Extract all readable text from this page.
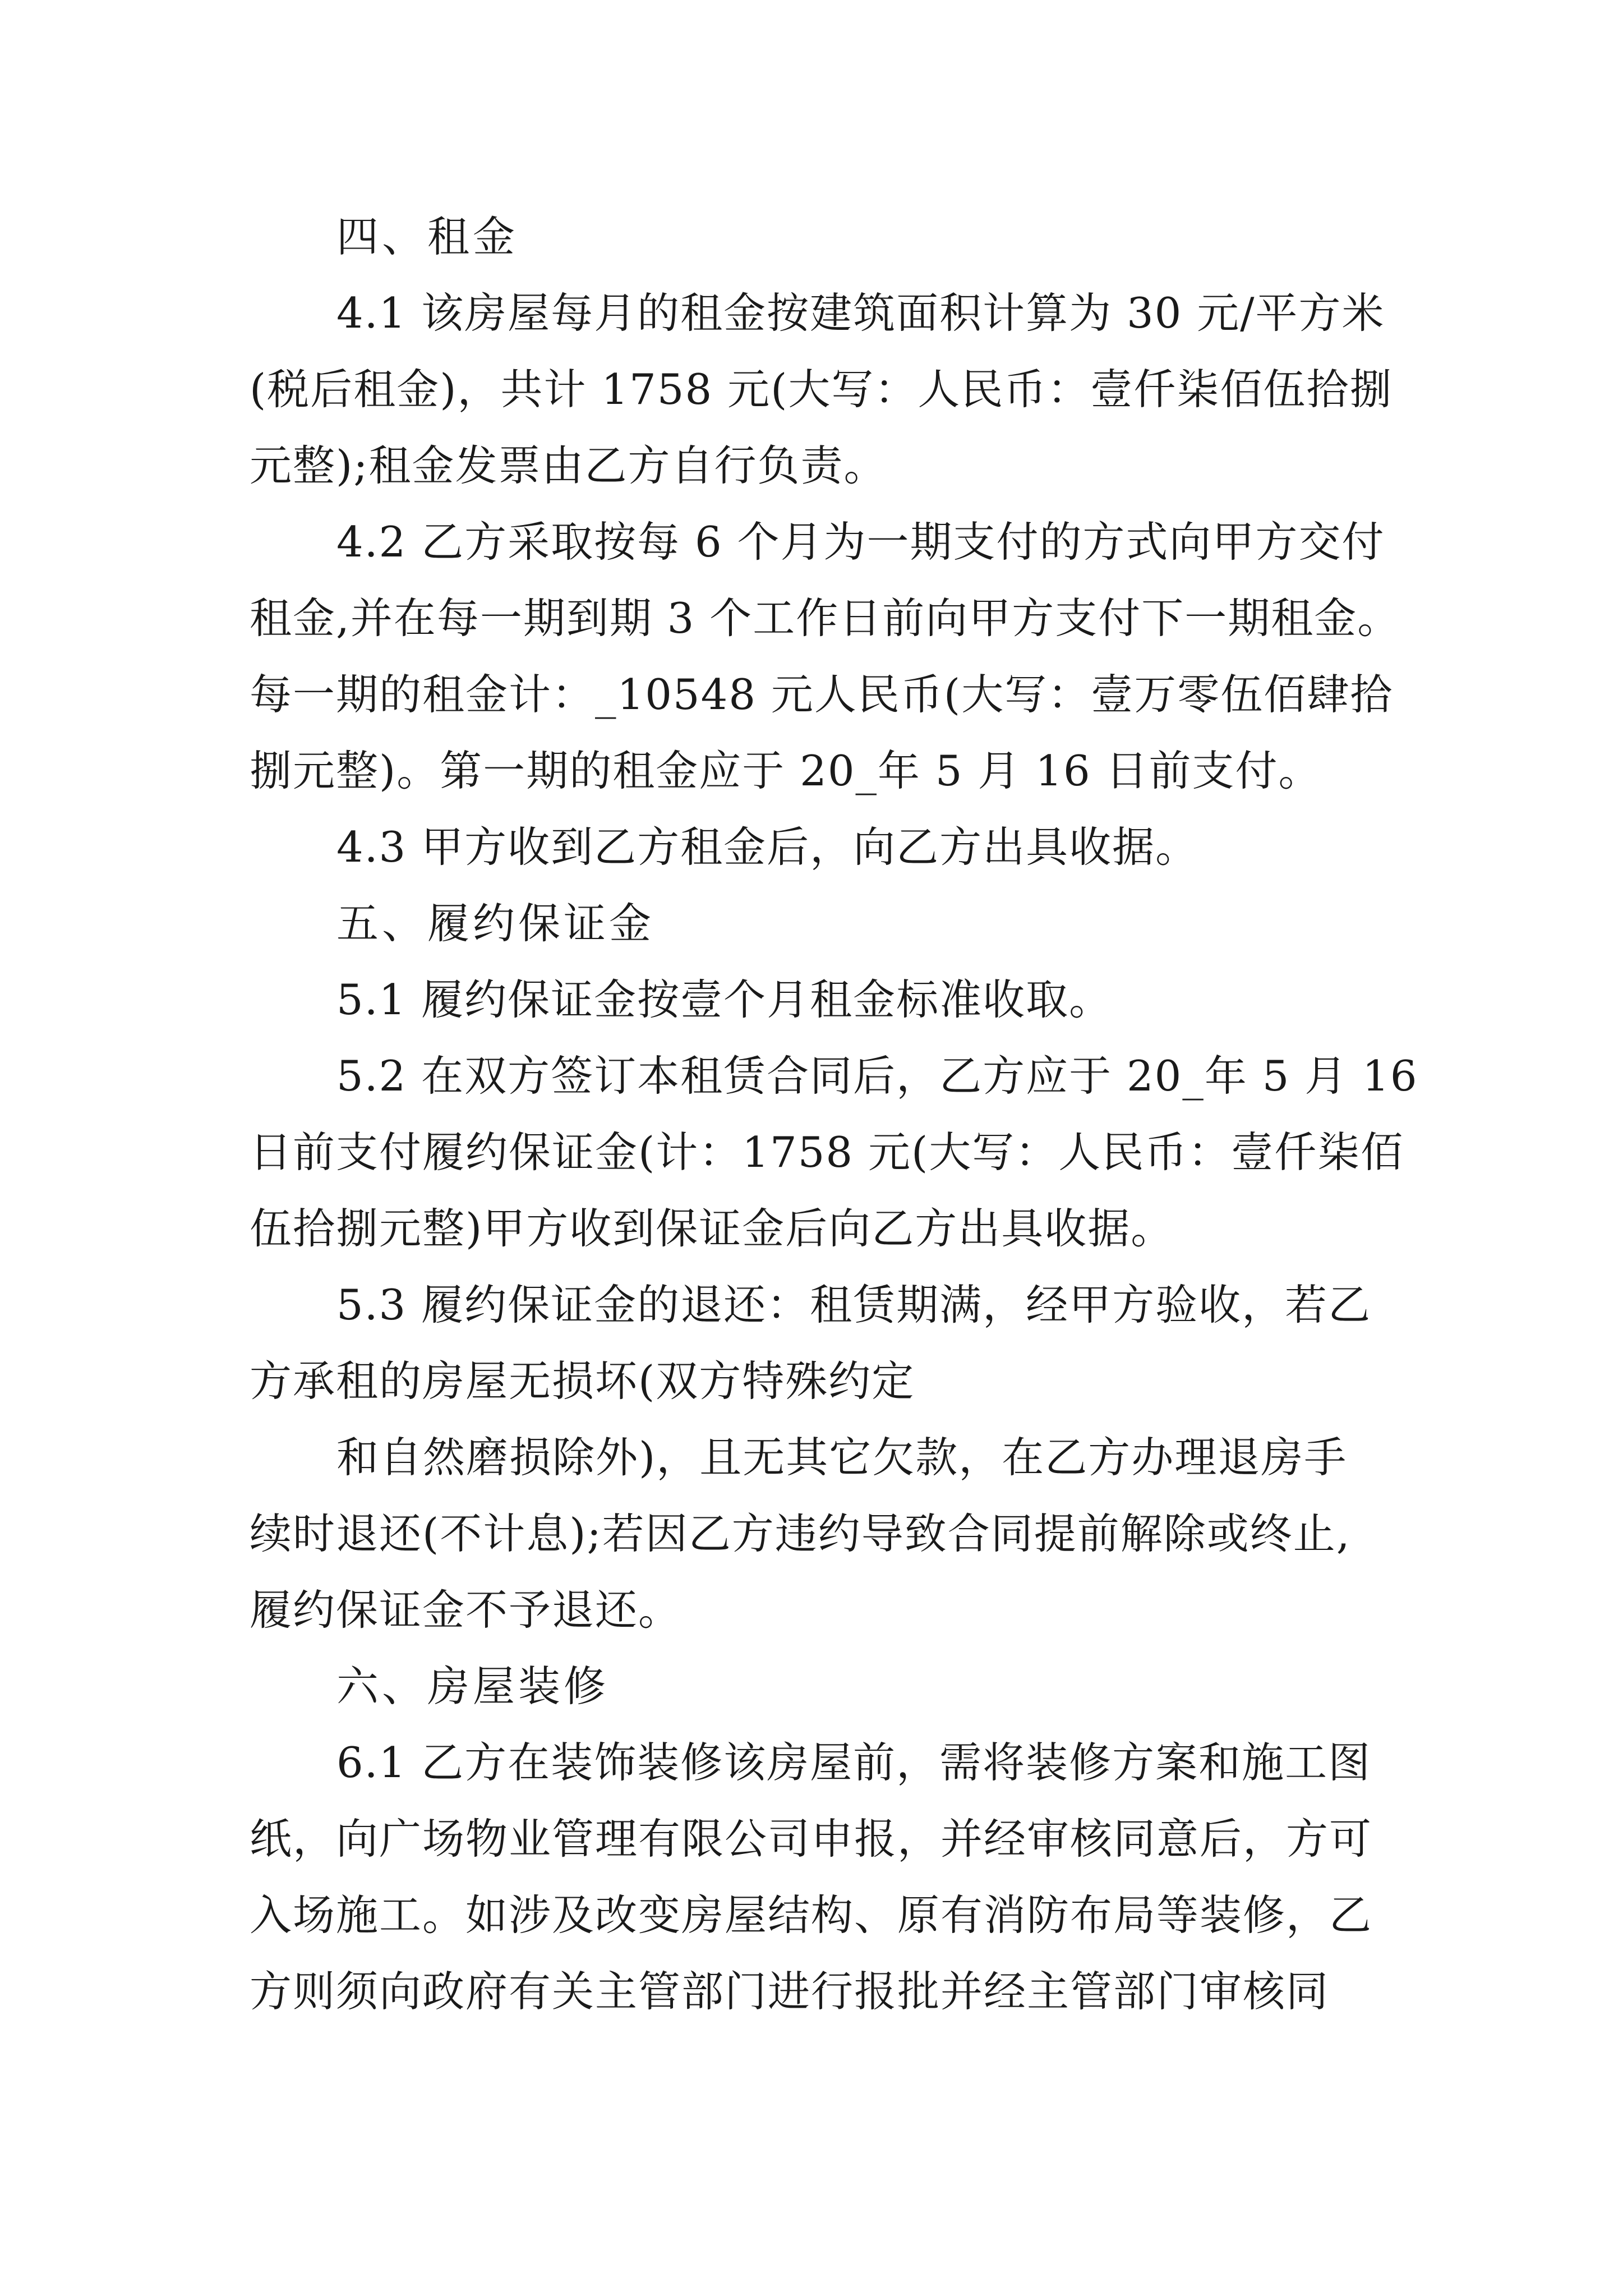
四、租金
4.1 该房屋每月的租金按建筑面积计算为 30 元/平方米
(税后租金)，共计 1758 元(大写：人民币：壹仟柒佰伍拾捌
元整);租金发票由乙方自行负责。
4.2 乙方采取按每 6 个月为一期支付的方式向甲方交付
租金,并在每一期到期 3 个工作日前向甲方支付下一期租金。
每一期的租金计：_10548 元人民币(大写：壹万零伍佰肆拾
捌元整)。第一期的租金应于 20_年 5 月 16 日前支付。
4.3 甲方收到乙方租金后，向乙方出具收据。
五、履约保证金
5.1 履约保证金按壹个月租金标准收取。
5.2 在双方签订本租赁合同后，乙方应于 20_年 5 月 16
日前支付履约保证金(计：1758 元(大写：人民币：壹仟柒佰
伍拾捌元整)甲方收到保证金后向乙方出具收据。
5.3 履约保证金的退还：租赁期满，经甲方验收，若乙
方承租的房屋无损坏(双方特殊约定
和自然磨损除外)，且无其它欠款，在乙方办理退房手
续时退还(不计息);若因乙方违约导致合同提前解除或终止,
履约保证金不予退还。
六、房屋装修
6.1 乙方在装饰装修该房屋前，需将装修方案和施工图
纸，向广场物业管理有限公司申报，并经审核同意后，方可
入场施工。如涉及改变房屋结构、原有消防布局等装修，乙
方则须向政府有关主管部门进行报批并经主管部门审核同
